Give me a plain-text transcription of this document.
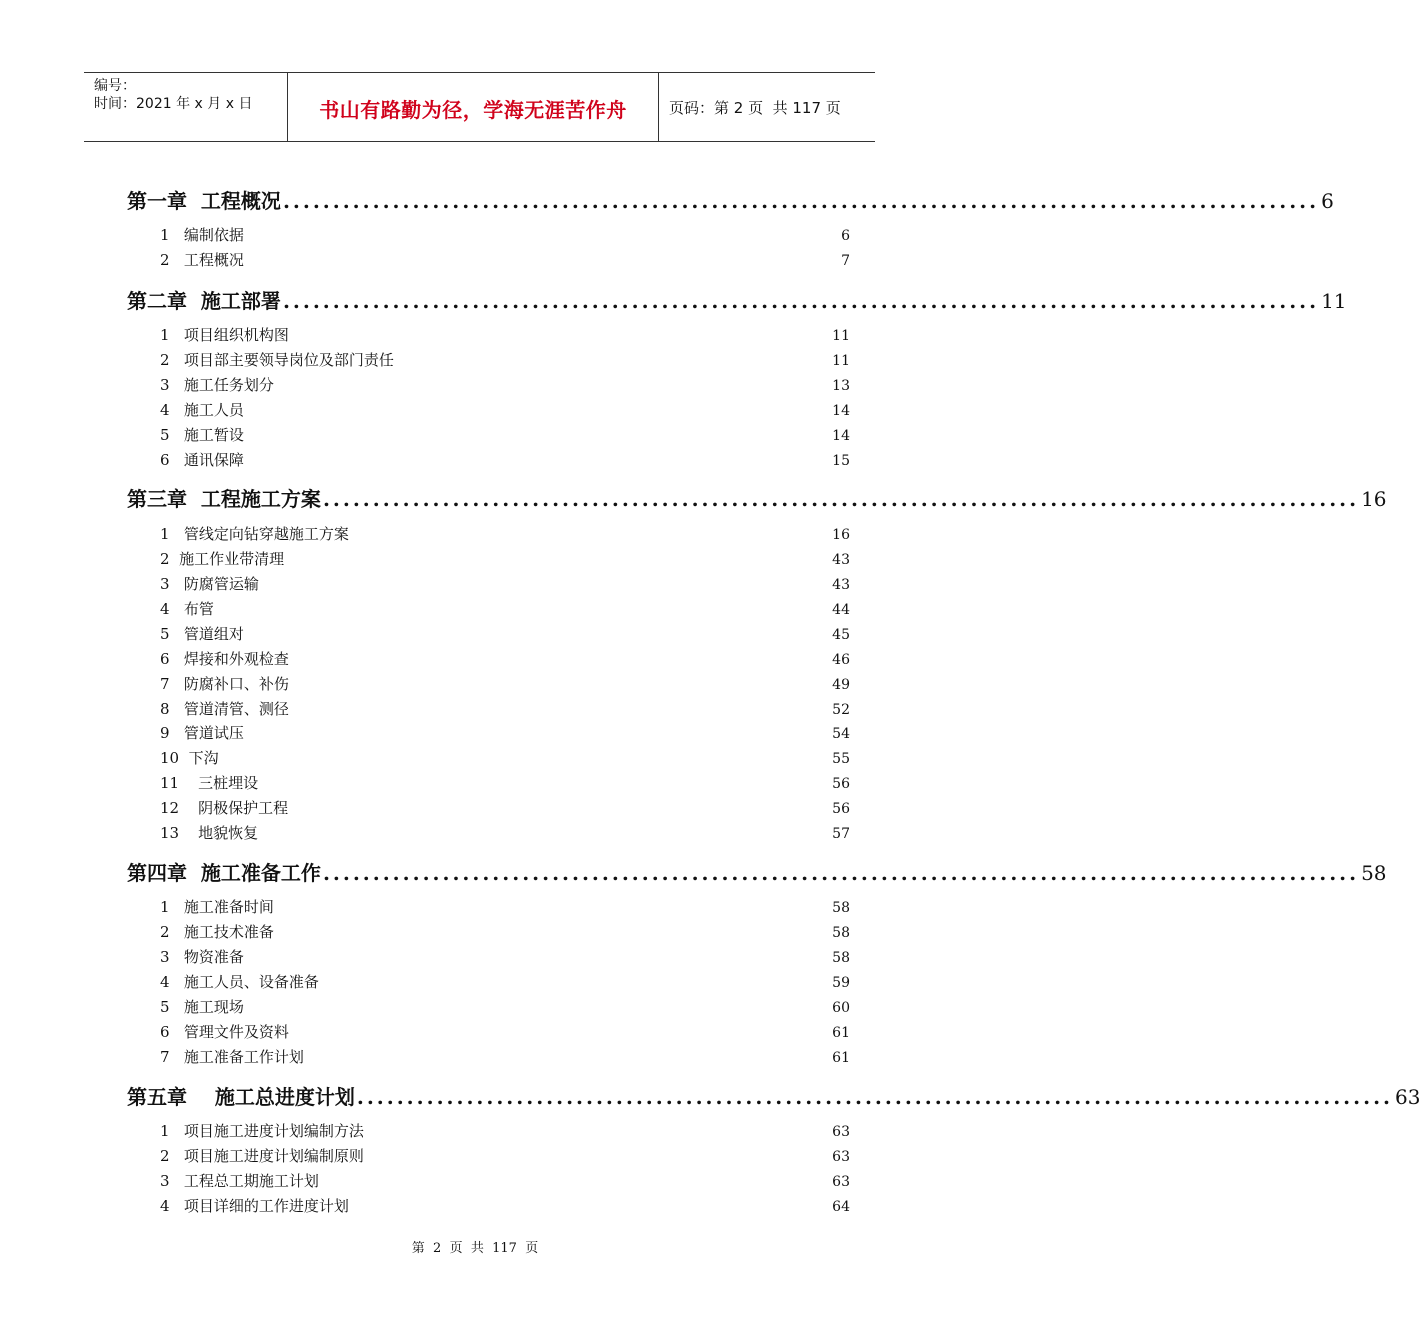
编号：
时间：2021 年 x 月 x 日	书山有路勤为径，学海无涯苦作舟	页码：第 2 页  共 117 页
第一章  工程概况 ........................................................................................................ 6
1   编制依据	6
2   工程概况	7
第二章  施工部署 ........................................................................................................ 11
1   项目组织机构图	11
2   项目部主要领导岗位及部门责任	11
3   施工任务划分	13
4   施工人员	14
5   施工暂设	14
6   通讯保障	15
第三章  工程施工方案 ........................................................................................................ 16
1   管线定向钻穿越施工方案	16
2  施工作业带清理	43
3   防腐管运输	43
4   布管	44
5   管道组对	45
6   焊接和外观检查	46
7   防腐补口、补伤	49
8   管道清管、测径	52
9   管道试压	54
10  下沟	55
11    三桩埋设	56
12    阴极保护工程	56
13    地貌恢复	57
第四章  施工准备工作 ........................................................................................................ 58
1   施工准备时间	58
2   施工技术准备	58
3   物资准备	58
4   施工人员、设备准备	59
5   施工现场	60
6   管理文件及资料	61
7   施工准备工作计划	61
第五章    施工总进度计划 ........................................................................................................ 63
1   项目施工进度计划编制方法	63
2   项目施工进度计划编制原则	63
3   工程总工期施工计划	63
4   项目详细的工作进度计划	64
第  2  页  共  117  页
